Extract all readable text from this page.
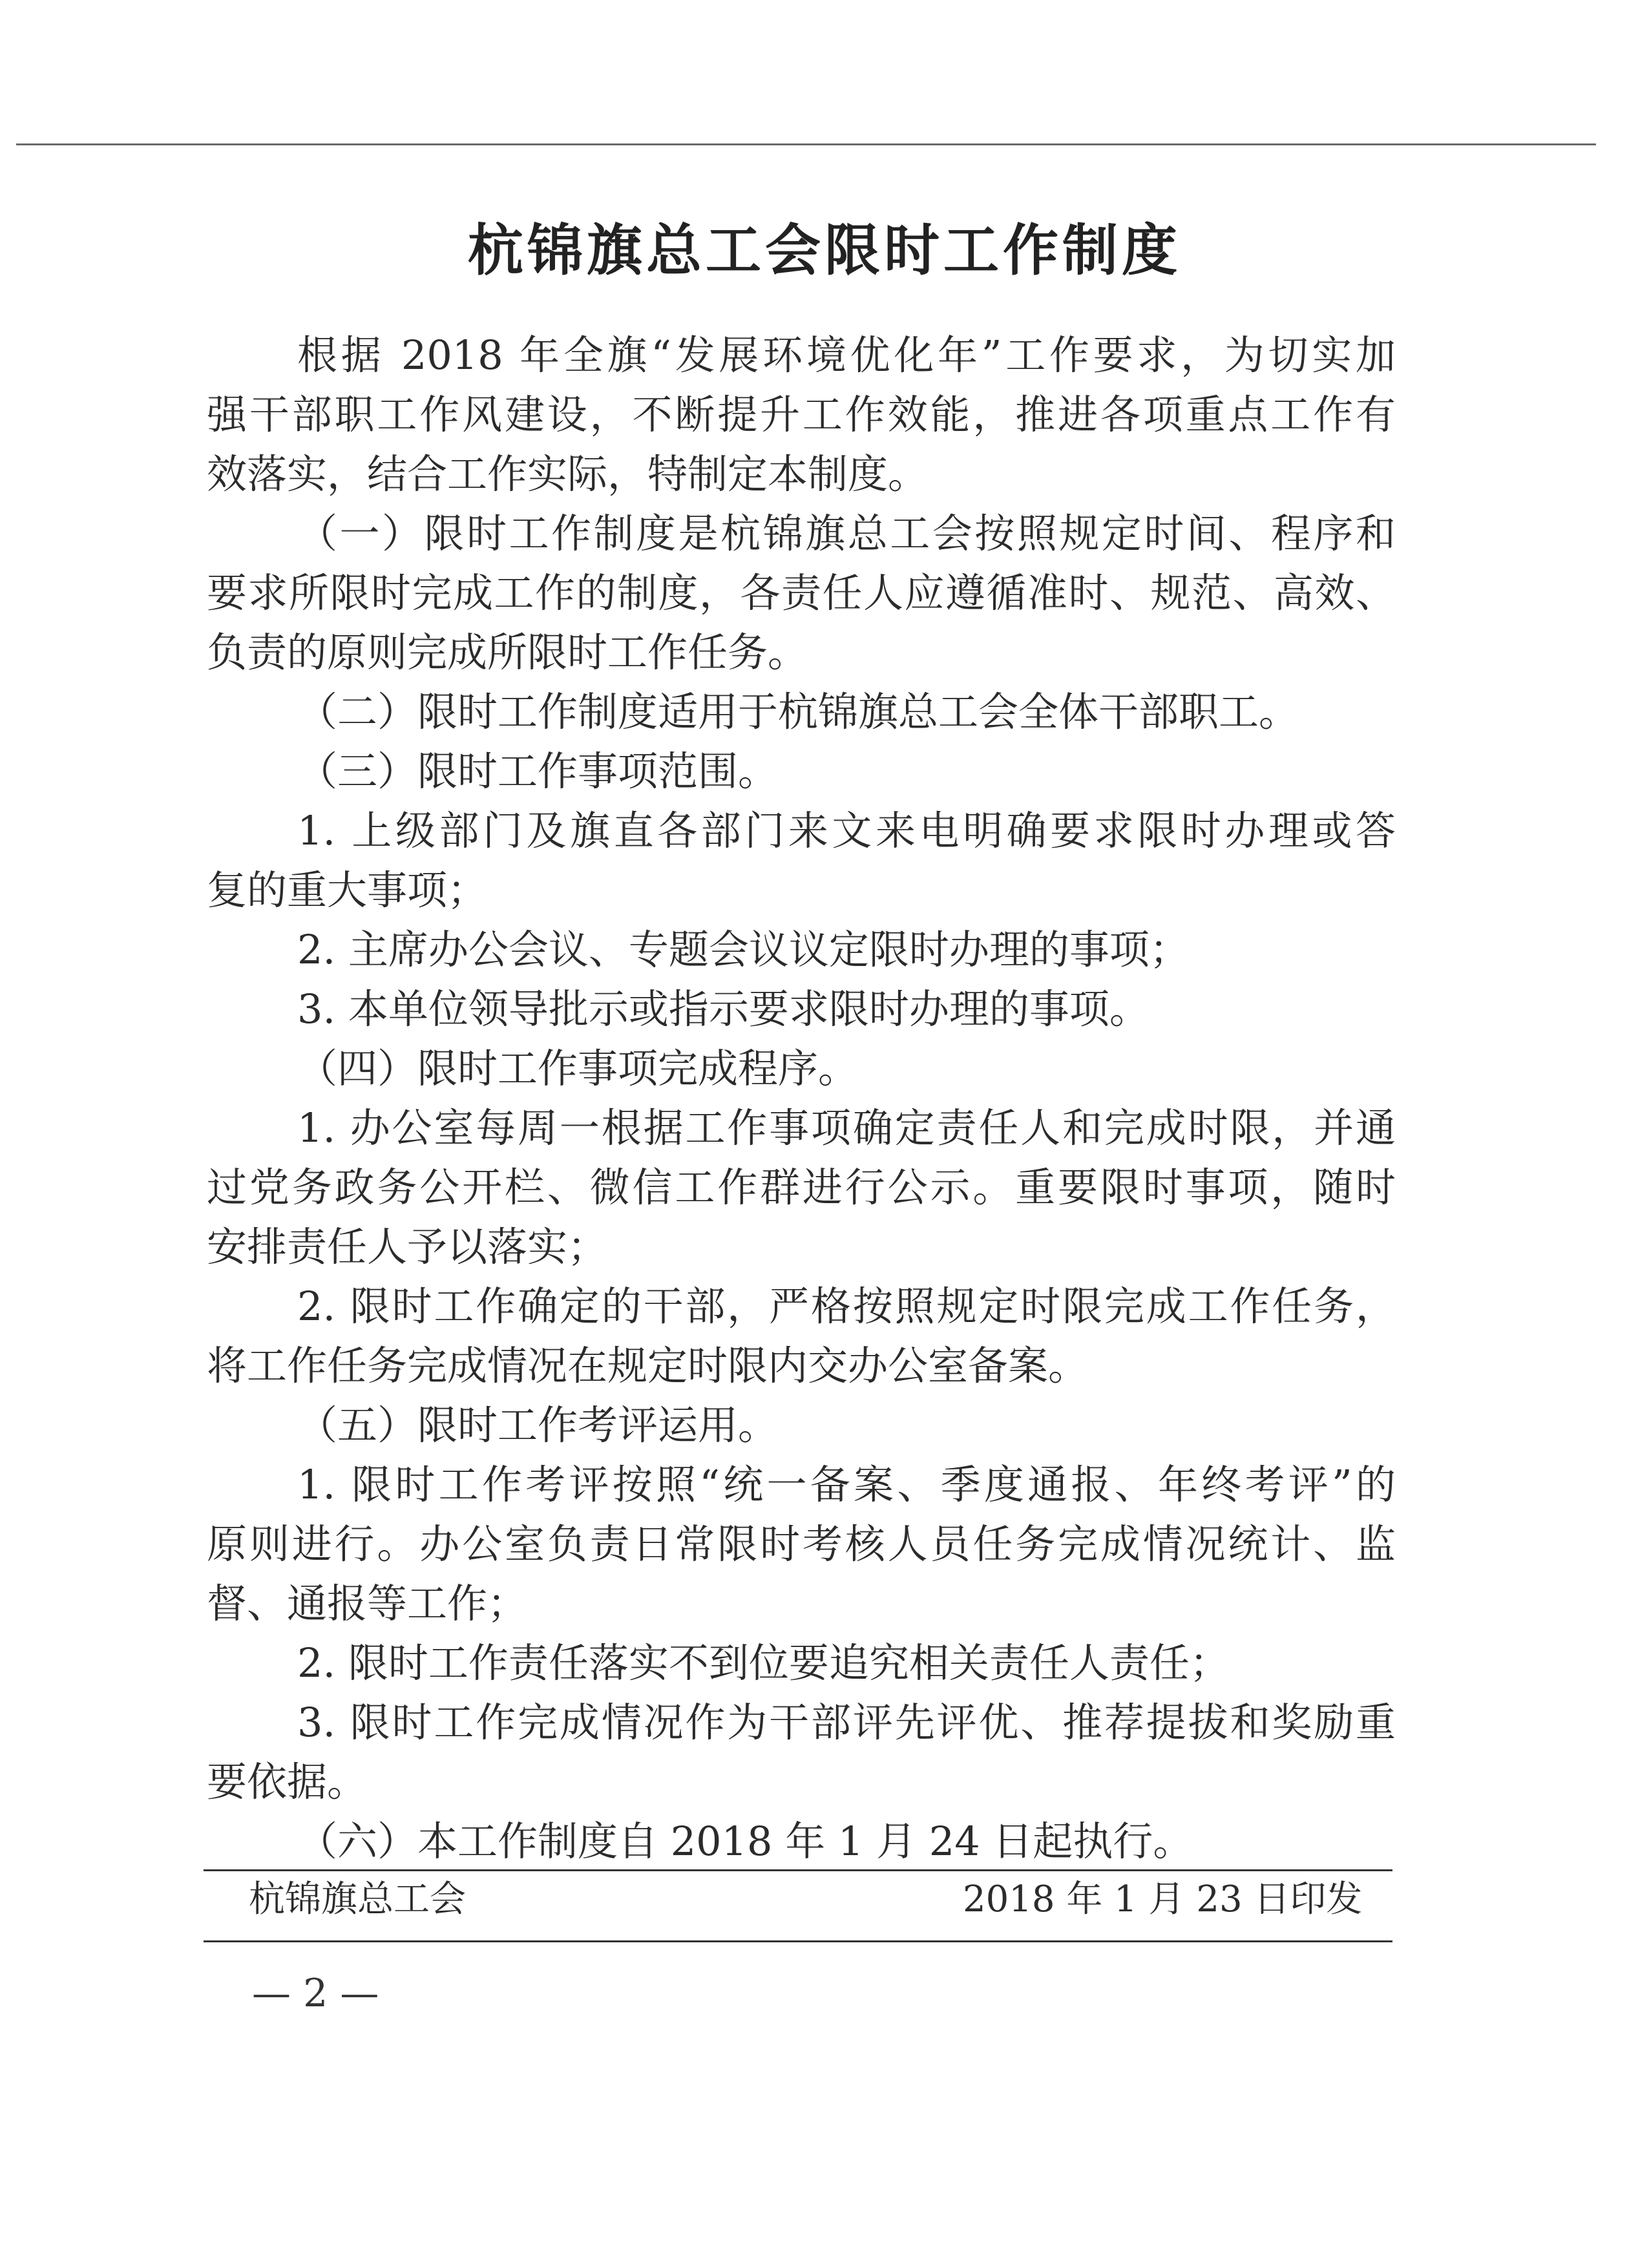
杭锦旗总工会限时工作制度
根据 2018 年全旗“发展环境优化年”工作要求，为切实加
强干部职工作风建设，不断提升工作效能，推进各项重点工作有
效落实，结合工作实际，特制定本制度。
（一）限时工作制度是杭锦旗总工会按照规定时间、程序和
要求所限时完成工作的制度，各责任人应遵循准时、规范、高效、
负责的原则完成所限时工作任务。
（二）限时工作制度适用于杭锦旗总工会全体干部职工。
（三）限时工作事项范围。
1. 上级部门及旗直各部门来文来电明确要求限时办理或答
复的重大事项；
2. 主席办公会议、专题会议议定限时办理的事项；
3. 本单位领导批示或指示要求限时办理的事项。
（四）限时工作事项完成程序。
1. 办公室每周一根据工作事项确定责任人和完成时限，并通
过党务政务公开栏、微信工作群进行公示。重要限时事项，随时
安排责任人予以落实；
2. 限时工作确定的干部，严格按照规定时限完成工作任务，
将工作任务完成情况在规定时限内交办公室备案。
（五）限时工作考评运用。
1. 限时工作考评按照“统一备案、季度通报、年终考评”的
原则进行。办公室负责日常限时考核人员任务完成情况统计、监
督、通报等工作；
2. 限时工作责任落实不到位要追究相关责任人责任；
3. 限时工作完成情况作为干部评先评优、推荐提拔和奖励重
要依据。
（六）本工作制度自 2018 年 1 月 24 日起执行。
杭锦旗总工会	2018 年 1 月 23 日印发
— 2 —
